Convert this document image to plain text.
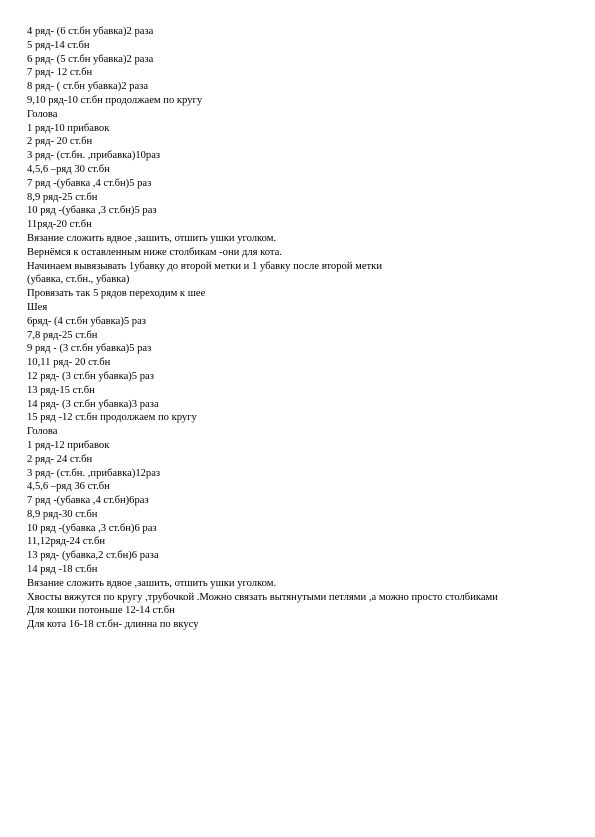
4 ряд- (6 ст.бн убавка)2 раза
5 ряд-14 ст.бн
6 ряд- (5 ст.бн убавка)2 раза
7 ряд- 12 ст.бн
8 ряд- ( ст.бн убавка)2 раза
9,10 ряд-10 ст.бн продолжаем по кругу
Голова
1 ряд-10 прибавок
2 ряд- 20 ст.бн
3 ряд- (ст.бн. ,прибавка)10раз
4,5,6 –ряд 30 ст.бн
7 ряд -(убавка ,4 ст.бн)5 раз
8,9 ряд-25 ст.бн
10 ряд -(убавка ,3 ст.бн)5 раз
11ряд-20 ст.бн
Вязание сложить вдвое ,зашить, отшить ушки уголком.
Вернёмся к оставленным ниже столбикам -они для кота.
Начинаем вывязывать 1убавку до второй метки и 1 убавку после второй метки
(убавка, ст.бн., убавка)
Провязать так 5 рядов переходим к шее
Шея
6ряд- (4 ст.бн убавка)5 раз
7,8 ряд-25 ст.бн
9 ряд - (3 ст.бн убавка)5 раз
10,11 ряд- 20 ст.бн
12 ряд- (3 ст.бн убавка)5 раз
13 ряд-15 ст.бн
14 ряд- (3 ст.бн убавка)3 раза
15 ряд -12 ст.бн продолжаем по кругу
Голова
1 ряд-12 прибавок
2 ряд- 24 ст.бн
3 ряд- (ст.бн. ,прибавка)12раз
4,5,6 –ряд 36 ст.бн
7 ряд -(убавка ,4 ст.бн)6раз
8,9 ряд-30 ст.бн
10 ряд -(убавка ,3 ст.бн)6 раз
11,12ряд-24 ст.бн
13 ряд- (убавка,2 ст.бн)6 раза
14 ряд -18 ст.бн
Вязание сложить вдвое ,зашить, отшить ушки уголком.
Хвосты вяжутся по кругу ,трубочкой .Можно связать вытянутыми петлями ,а можно просто столбиками
Для кошки потоньше 12-14 ст.бн
Для кота 16-18 ст.бн- длинна по вкусу
